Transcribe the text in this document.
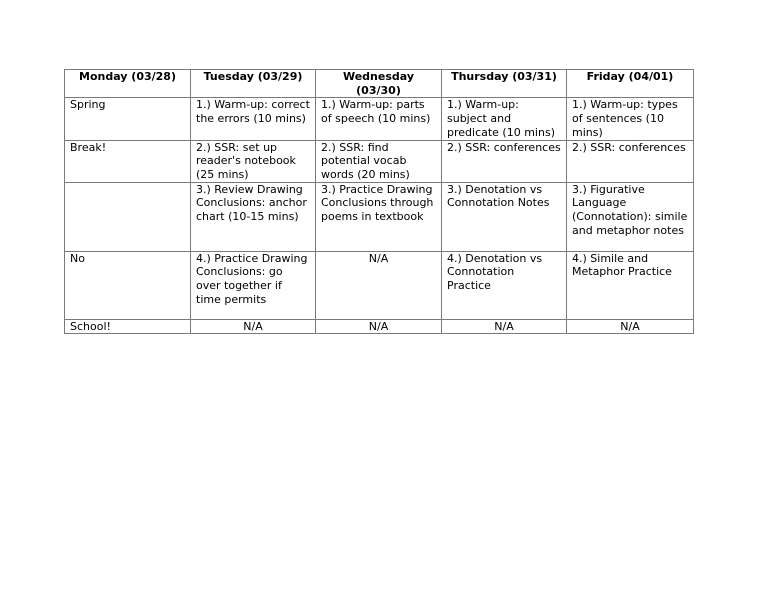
Monday (03/28)	Tuesday (03/29)	Wednesday (03/30)	Thursday (03/31)	Friday (04/01)
Spring	1.) Warm-up: correct the errors (10 mins)	1.) Warm-up: parts of speech (10 mins)	1.) Warm-up: subject and predicate (10 mins)	1.) Warm-up: types of sentences (10 mins)
Break!	2.) SSR: set up reader's notebook (25 mins)	2.) SSR: find potential vocab words (20 mins)	2.) SSR: conferences	2.) SSR: conferences
	3.) Review Drawing Conclusions: anchor chart (10-15 mins)	3.) Practice Drawing Conclusions through poems in textbook	3.) Denotation vs Connotation Notes	3.) Figurative Language (Connotation): simile and metaphor notes
No	4.) Practice Drawing Conclusions: go over together if time permits	N/A	4.) Denotation vs Connotation Practice	4.) Simile and Metaphor Practice
School!	N/A	N/A	N/A	N/A
